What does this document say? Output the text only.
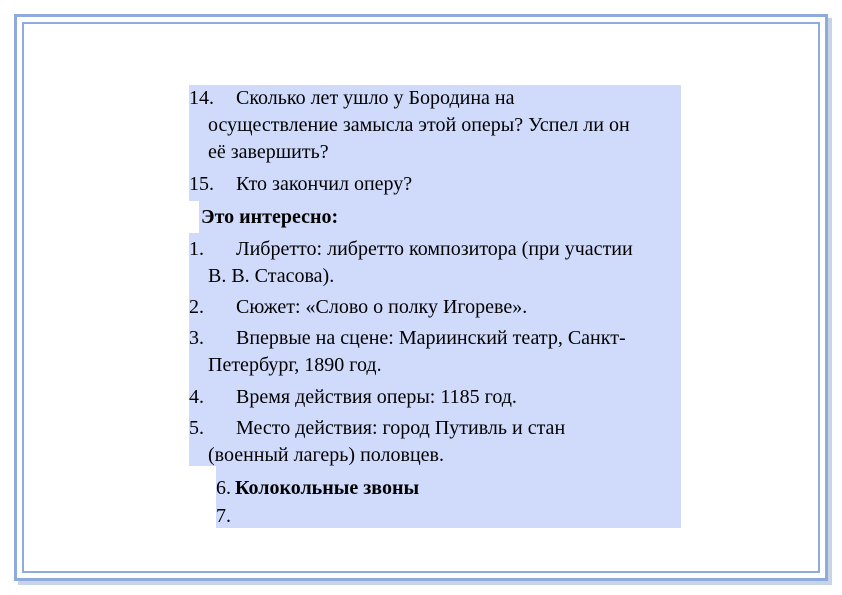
14. Сколько лет ушло у Бородина на
осуществление замысла этой оперы? Успел ли он
её завершить?
15. Кто закончил оперу?
Это интересно:
1. Либретто: либретто композитора (при участии
В. В. Стасова).
2. Сюжет: «Слово о полку Игореве».
3. Впервые на сцене: Мариинский театр, Санкт-
Петербург, 1890 год.
4. Время действия оперы: 1185 год.
5. Место действия: город Путивль и стан
(военный лагерь) половцев.
6. Колокольные звоны
7.
